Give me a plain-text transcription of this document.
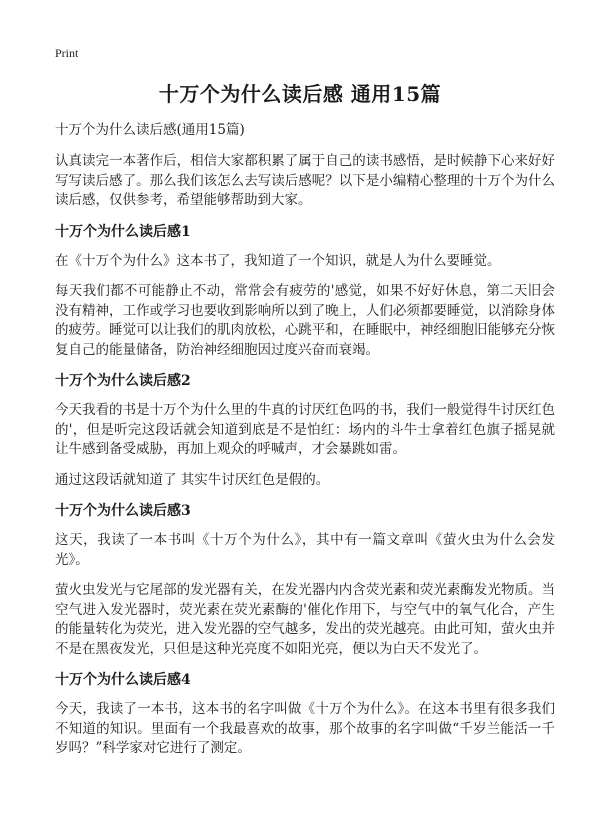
Print
十万个为什么读后感 通用15篇
十万个为什么读后感(通用15篇)

认真读完一本著作后，相信大家都积累了属于自己的读书感悟，是时候静下心来好好写写读后感了。那么我们该怎么去写读后感呢？以下是小编精心整理的十万个为什么读后感，仅供参考，希望能够帮助到大家。

十万个为什么读后感1

在《十万个为什么》这本书了，我知道了一个知识，就是人为什么要睡觉。

每天我们都不可能静止不动，常常会有疲劳的'感觉，如果不好好休息，第二天旧会没有精神，工作或学习也要收到影响所以到了晚上，人们必须都要睡觉，以消除身体的疲劳。睡觉可以让我们的肌肉放松，心跳平和，在睡眠中，神经细胞旧能够充分恢复自己的能量储备，防治神经细胞因过度兴奋而衰竭。

十万个为什么读后感2

今天我看的书是十万个为什么里的牛真的讨厌红色吗的书，我们一般觉得牛讨厌红色的'，但是听完这段话就会知道到底是不是怕红：场内的斗牛士拿着红色旗子摇晃就让牛感到备受威胁，再加上观众的呼喊声，才会暴跳如雷。

通过这段话就知道了 其实牛讨厌红色是假的。

十万个为什么读后感3

这天，我读了一本书叫《十万个为什么》，其中有一篇文章叫《萤火虫为什么会发光》。

萤火虫发光与它尾部的发光器有关，在发光器内内含荧光素和荧光素酶发光物质。当空气进入发光器时，荧光素在荧光素酶的'催化作用下，与空气中的氧气化合，产生的能量转化为荧光，进入发光器的空气越多，发出的荧光越亮。由此可知，萤火虫并不是在黑夜发光，只但是这种光亮度不如阳光亮，便以为白天不发光了。

十万个为什么读后感4

今天，我读了一本书，这本书的名字叫做《十万个为什么》。在这本书里有很多我们不知道的知识。里面有一个我最喜欢的故事，那个故事的名字叫做“千岁兰能活一千岁吗？”科学家对它进行了测定。
